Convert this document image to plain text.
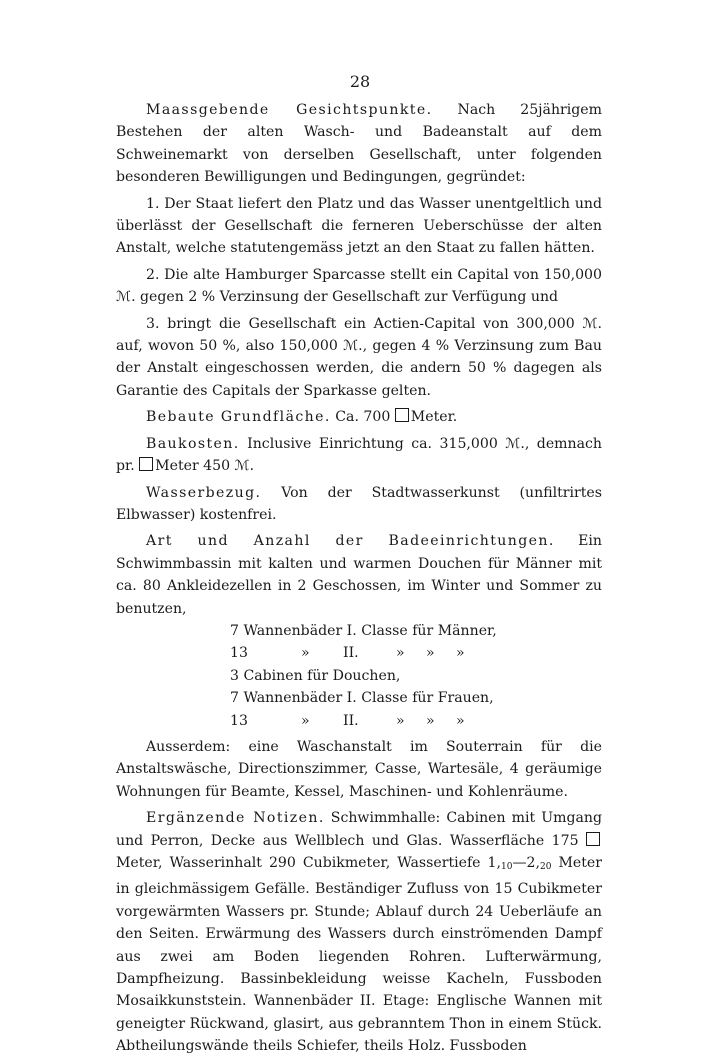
28

Maassgebende Gesichtspunkte. Nach 25jährigem Bestehen der alten Wasch- und Badeanstalt auf dem Schweinemarkt von derselben Gesellschaft, unter folgenden besonderen Bewilligungen und Bedingungen, gegründet:

1. Der Staat liefert den Platz und das Wasser unentgeltlich und überlässt der Gesellschaft die ferneren Ueberschüsse der alten Anstalt, welche statutengemäss jetzt an den Staat zu fallen hätten.

2. Die alte Hamburger Sparcasse stellt ein Capital von 150,000 ℳ. gegen 2 % Verzinsung der Gesellschaft zur Verfügung und

3. bringt die Gesellschaft ein Actien-Capital von 300,000 ℳ. auf, wovon 50 %, also 150,000 ℳ., gegen 4 % Verzinsung zum Bau der Anstalt eingeschossen werden, die andern 50 % dagegen als Garantie des Capitals der Sparkasse gelten.

Bebaute Grundfläche. Ca. 700 Meter.

Baukosten. Inclusive Einrichtung ca. 315,000 ℳ., demnach pr. Meter 450 ℳ.

Wasserbezug. Von der Stadtwasserkunst (unfiltrirtes Elbwasser) kostenfrei.

Art und Anzahl der Badeeinrichtungen. Ein Schwimmbassin mit kalten und warmen Douchen für Männer mit ca. 80 Ankleidezellen in 2 Geschossen, im Winter und Sommer zu benutzen,

7 Wannenbäder I. Classe für Männer,
13	» II.	» » »
3 Cabinen für Douchen,
7 Wannenbäder I. Classe für Frauen,
13	» II.	» » »

Ausserdem: eine Waschanstalt im Souterrain für die Anstaltswäsche, Directionszimmer, Casse, Wartesäle, 4 geräumige Wohnungen für Beamte, Kessel, Maschinen- und Kohlenräume.

Ergänzende Notizen. Schwimmhalle: Cabinen mit Umgang und Perron, Decke aus Wellblech und Glas. Wasserfläche 175 Meter, Wasserinhalt 290 Cubikmeter, Wassertiefe $1,_{10}—2,_{20}$ Meter in gleichmässigem Gefälle. Beständiger Zufluss von 15 Cubikmeter vorgewärmten Wassers pr. Stunde; Ablauf durch 24 Ueberläufe an den Seiten. Erwärmung des Wassers durch einströmenden Dampf aus zwei am Boden liegenden Rohren. Lufterwärmung, Dampfheizung. Bassinbekleidung weisse Kacheln, Fussboden Mosaikkunststein. Wannenbäder II. Etage: Englische Wannen mit geneigter Rückwand, glasirt, aus gebranntem Thon in einem Stück. Abtheilungswände theils Schiefer, theils Holz. Fussboden
